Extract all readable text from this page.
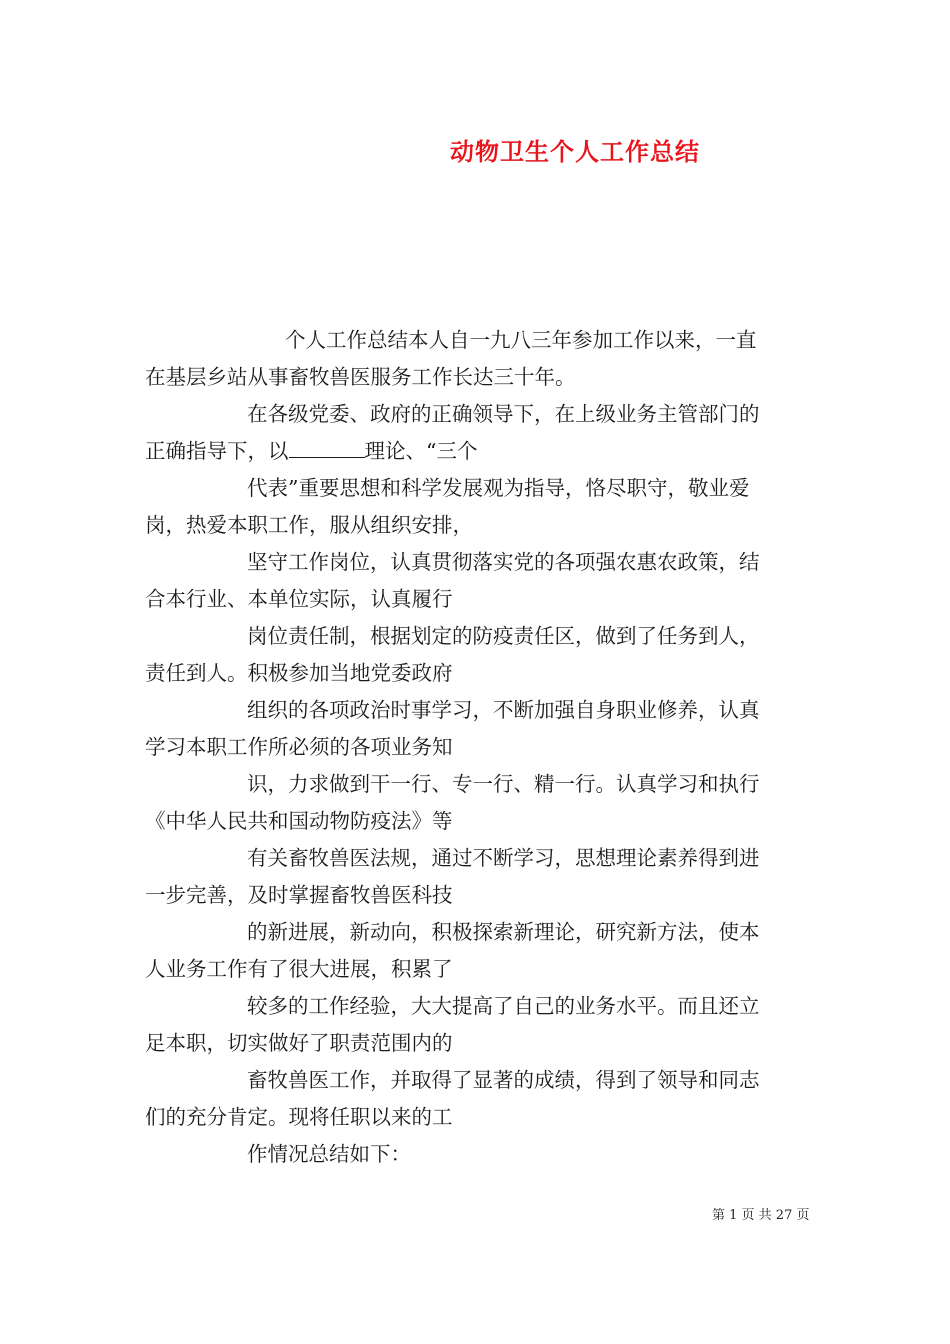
动物卫生个人工作总结

个人工作总结本人自一九八三年参加工作以来，一直
在基层乡站从事畜牧兽医服务工作长达三十年。

在各级党委、政府的正确领导下，在上级业务主管部门的
正确指导下，以	理论、“三个

代表”重要思想和科学发展观为指导，恪尽职守，敬业爱
岗，热爱本职工作，服从组织安排，

坚守工作岗位，认真贯彻落实党的各项强农惠农政策，结
合本行业、本单位实际，认真履行

岗位责任制，根据划定的防疫责任区，做到了任务到人，
责任到人。积极参加当地党委政府

组织的各项政治时事学习，不断加强自身职业修养，认真
学习本职工作所必须的各项业务知

识，力求做到干一行、专一行、精一行。认真学习和执行
《中华人民共和国动物防疫法》等

有关畜牧兽医法规，通过不断学习，思想理论素养得到进
一步完善，及时掌握畜牧兽医科技

的新进展，新动向，积极探索新理论，研究新方法，使本
人业务工作有了很大进展，积累了

较多的工作经验，大大提高了自己的业务水平。而且还立
足本职，切实做好了职责范围内的

畜牧兽医工作，并取得了显著的成绩，得到了领导和同志
们的充分肯定。现将任职以来的工

作情况总结如下：

第 1 页 共 27 页
